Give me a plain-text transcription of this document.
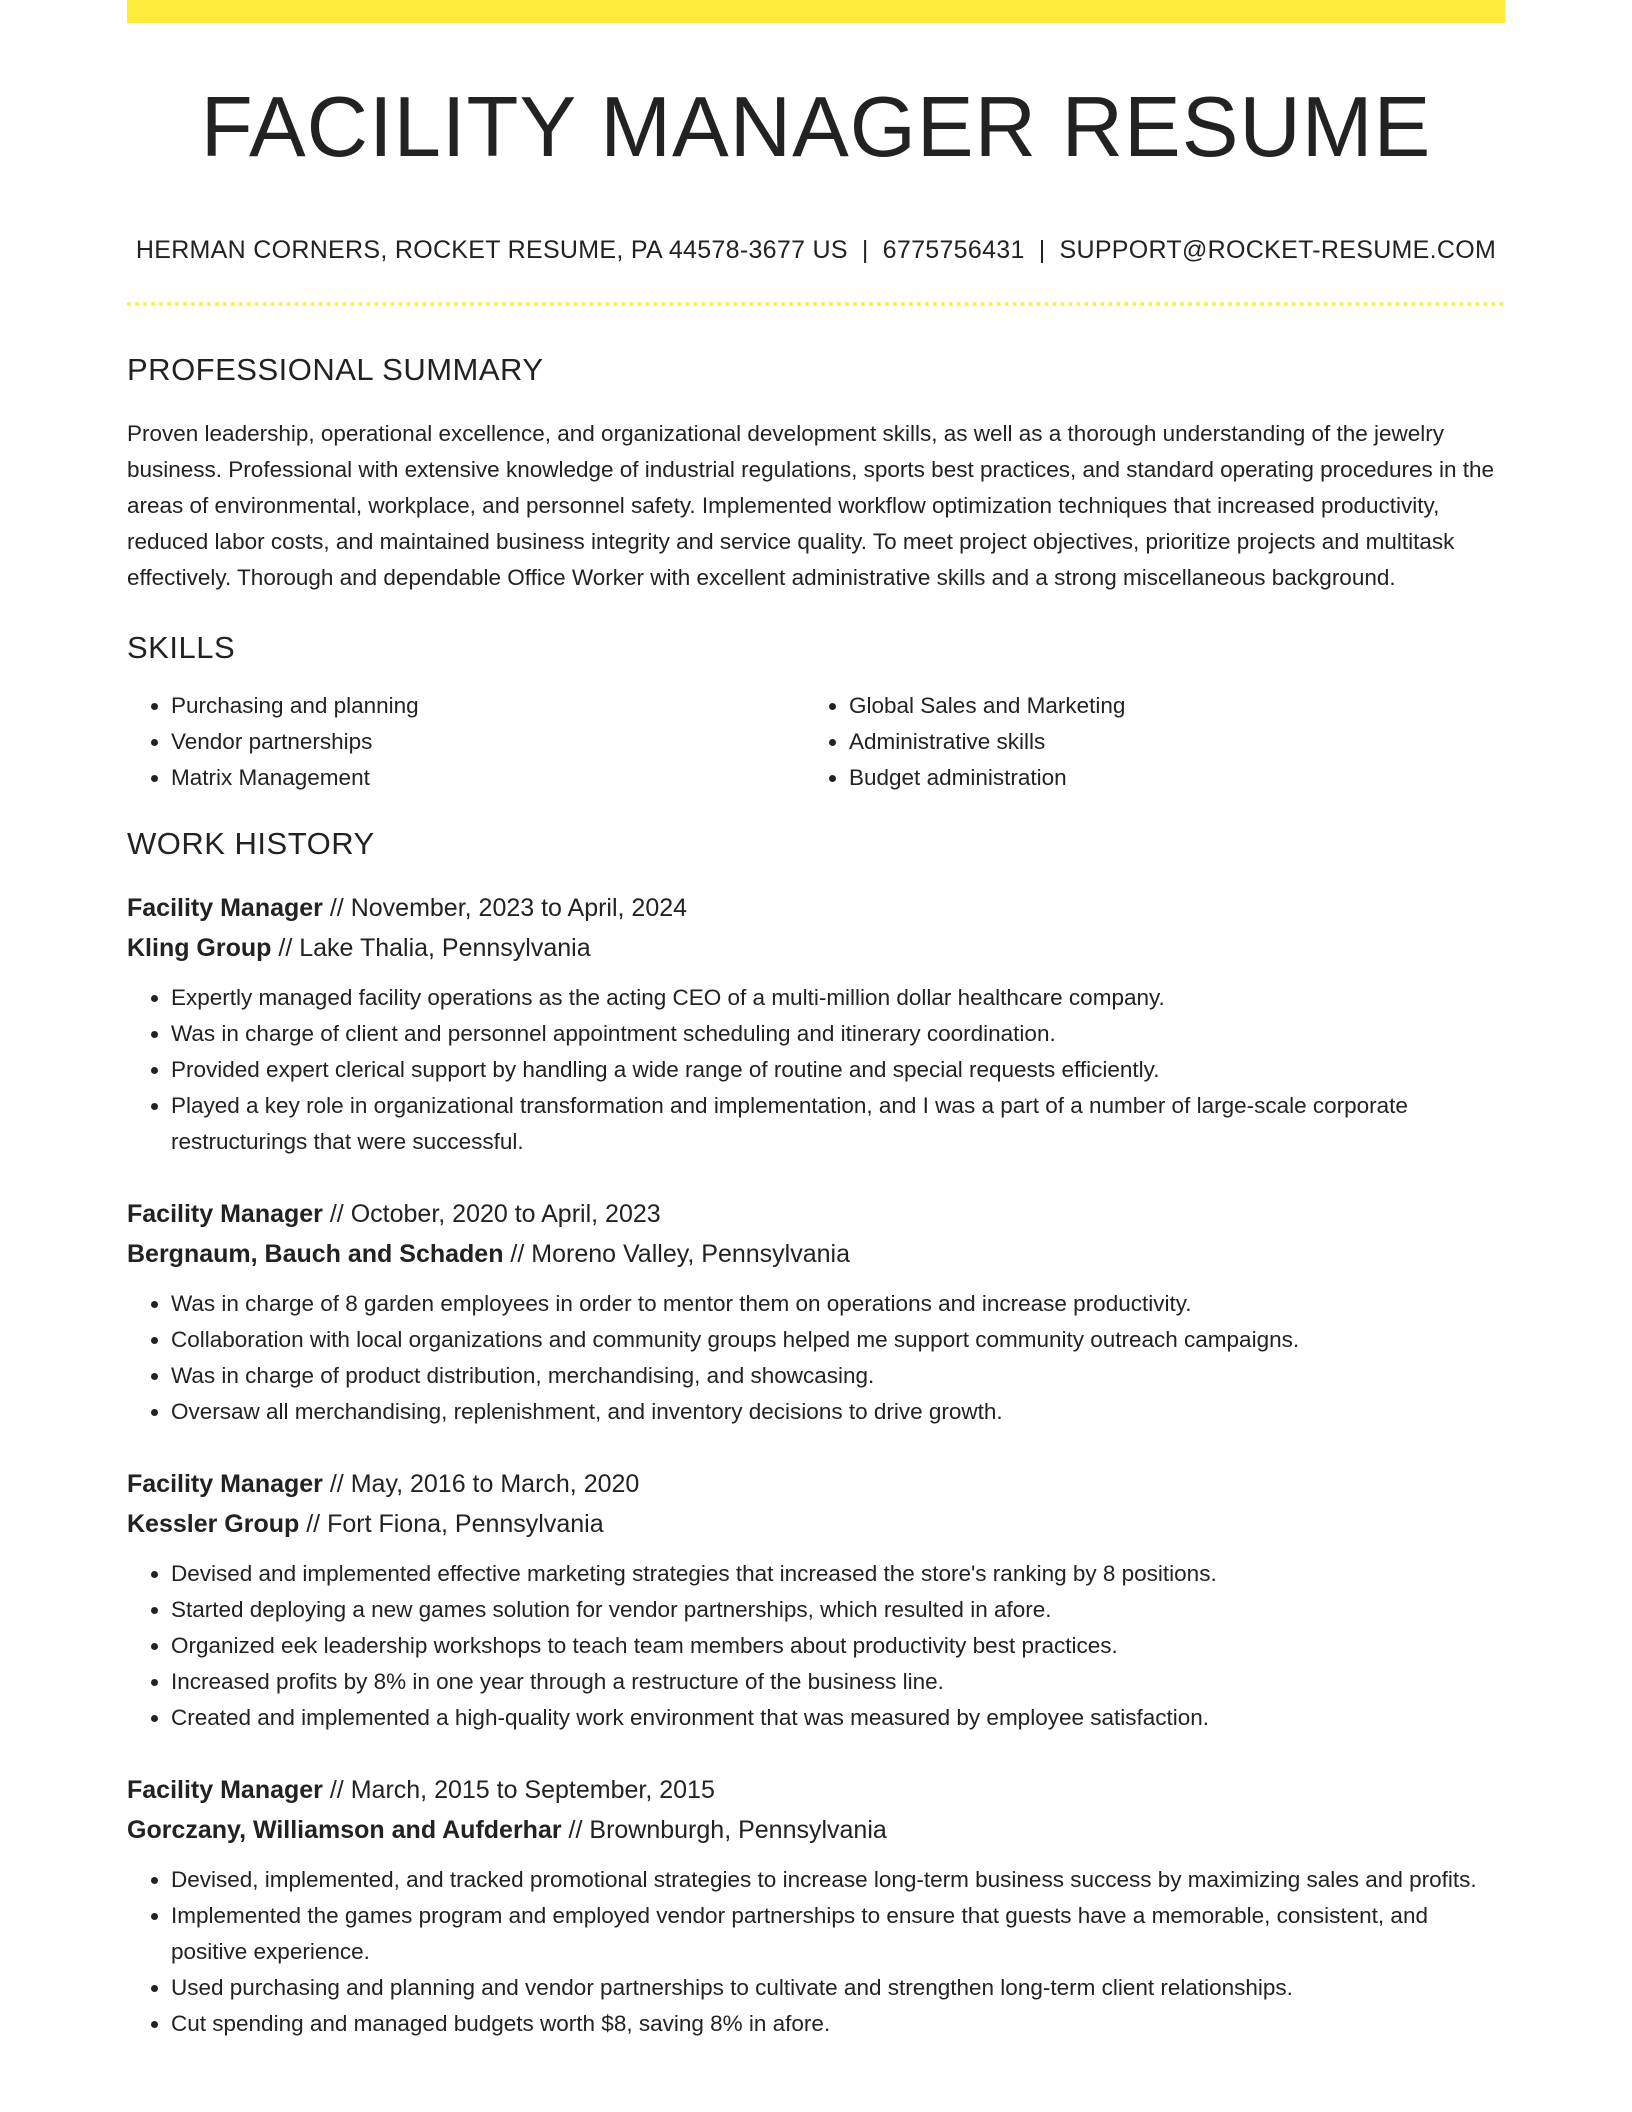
FACILITY MANAGER RESUME
HERMAN CORNERS, ROCKET RESUME, PA 44578-3677 US | 6775756431 | SUPPORT@ROCKET-RESUME.COM
PROFESSIONAL SUMMARY

Proven leadership, operational excellence, and organizational development skills, as well as a thorough understanding of the jewelry business. Professional with extensive knowledge of industrial regulations, sports best practices, and standard operating procedures in the areas of environmental, workplace, and personnel safety. Implemented workflow optimization techniques that increased productivity, reduced labor costs, and maintained business integrity and service quality. To meet project objectives, prioritize projects and multitask effectively. Thorough and dependable Office Worker with excellent administrative skills and a strong miscellaneous background.

SKILLS
• Purchasing and planning
• Vendor partnerships
• Matrix Management
• Global Sales and Marketing
• Administrative skills
• Budget administration
WORK HISTORY
Facility Manager // November, 2023 to April, 2024
Kling Group // Lake Thalia, Pennsylvania
• Expertly managed facility operations as the acting CEO of a multi-million dollar healthcare company.
• Was in charge of client and personnel appointment scheduling and itinerary coordination.
• Provided expert clerical support by handling a wide range of routine and special requests efficiently.
• Played a key role in organizational transformation and implementation, and I was a part of a number of large-scale corporate restructurings that were successful.
Facility Manager // October, 2020 to April, 2023
Bergnaum, Bauch and Schaden // Moreno Valley, Pennsylvania
• Was in charge of 8 garden employees in order to mentor them on operations and increase productivity.
• Collaboration with local organizations and community groups helped me support community outreach campaigns.
• Was in charge of product distribution, merchandising, and showcasing.
• Oversaw all merchandising, replenishment, and inventory decisions to drive growth.
Facility Manager // May, 2016 to March, 2020
Kessler Group // Fort Fiona, Pennsylvania
• Devised and implemented effective marketing strategies that increased the store's ranking by 8 positions.
• Started deploying a new games solution for vendor partnerships, which resulted in afore.
• Organized eek leadership workshops to teach team members about productivity best practices.
• Increased profits by 8% in one year through a restructure of the business line.
• Created and implemented a high-quality work environment that was measured by employee satisfaction.
Facility Manager // March, 2015 to September, 2015
Gorczany, Williamson and Aufderhar // Brownburgh, Pennsylvania
• Devised, implemented, and tracked promotional strategies to increase long-term business success by maximizing sales and profits.
• Implemented the games program and employed vendor partnerships to ensure that guests have a memorable, consistent, and positive experience.
• Used purchasing and planning and vendor partnerships to cultivate and strengthen long-term client relationships.
• Cut spending and managed budgets worth $8, saving 8% in afore.
